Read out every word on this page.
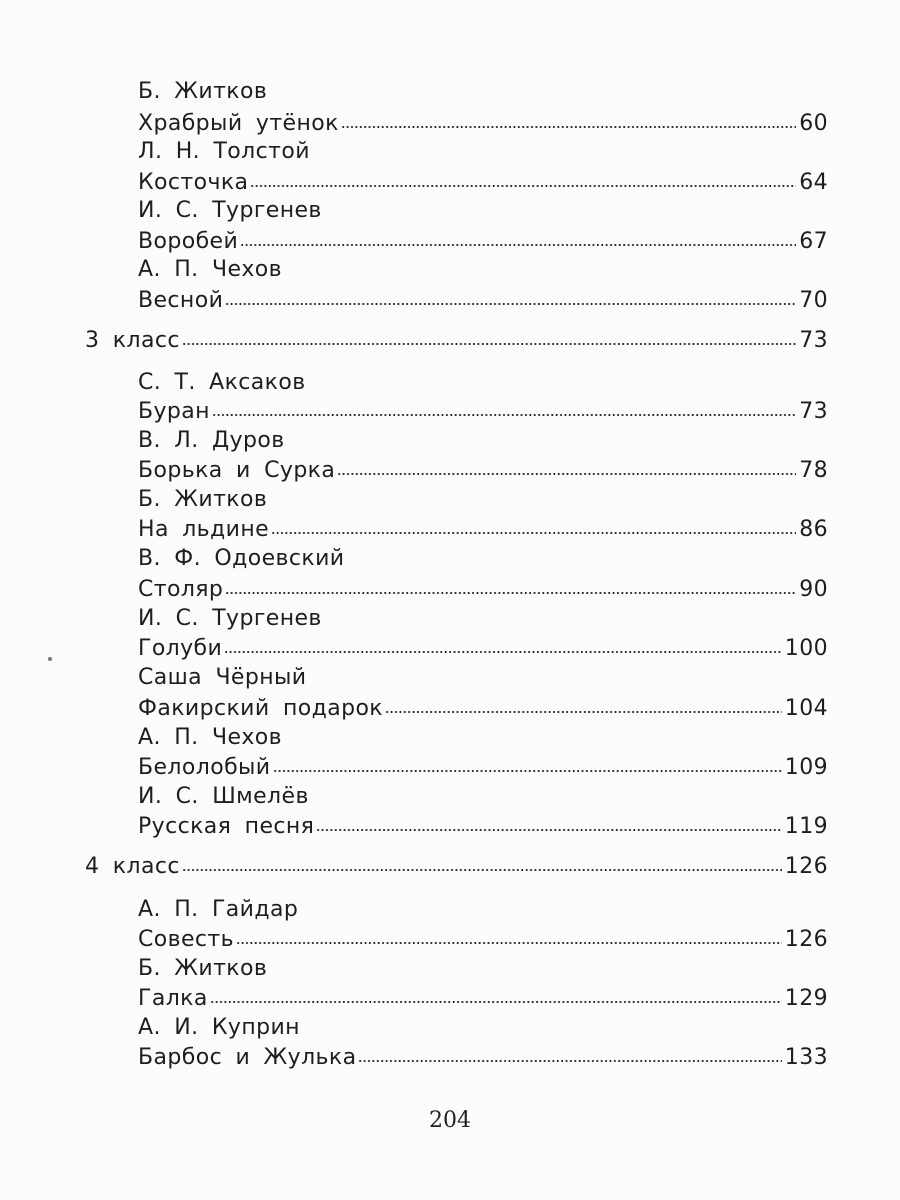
Б. Житков
Храбрый утёнок	60
Л. Н. Толстой
Косточка	64
И. С. Тургенев
Воробей	67
А. П. Чехов
Весной	70
3 класс	73
С. Т. Аксаков
Буран	73
В. Л. Дуров
Борька и Сурка	78
Б. Житков
На льдине	86
В. Ф. Одоевский
Столяр	90
И. С. Тургенев
Голуби	100
Саша Чёрный
Факирский подарок	104
А. П. Чехов
Белолобый	109
И. С. Шмелёв
Русская песня	119
4 класс	126
А. П. Гайдар
Совесть	126
Б. Житков
Галка	129
А. И. Куприн
Барбос и Жулька	133
204
